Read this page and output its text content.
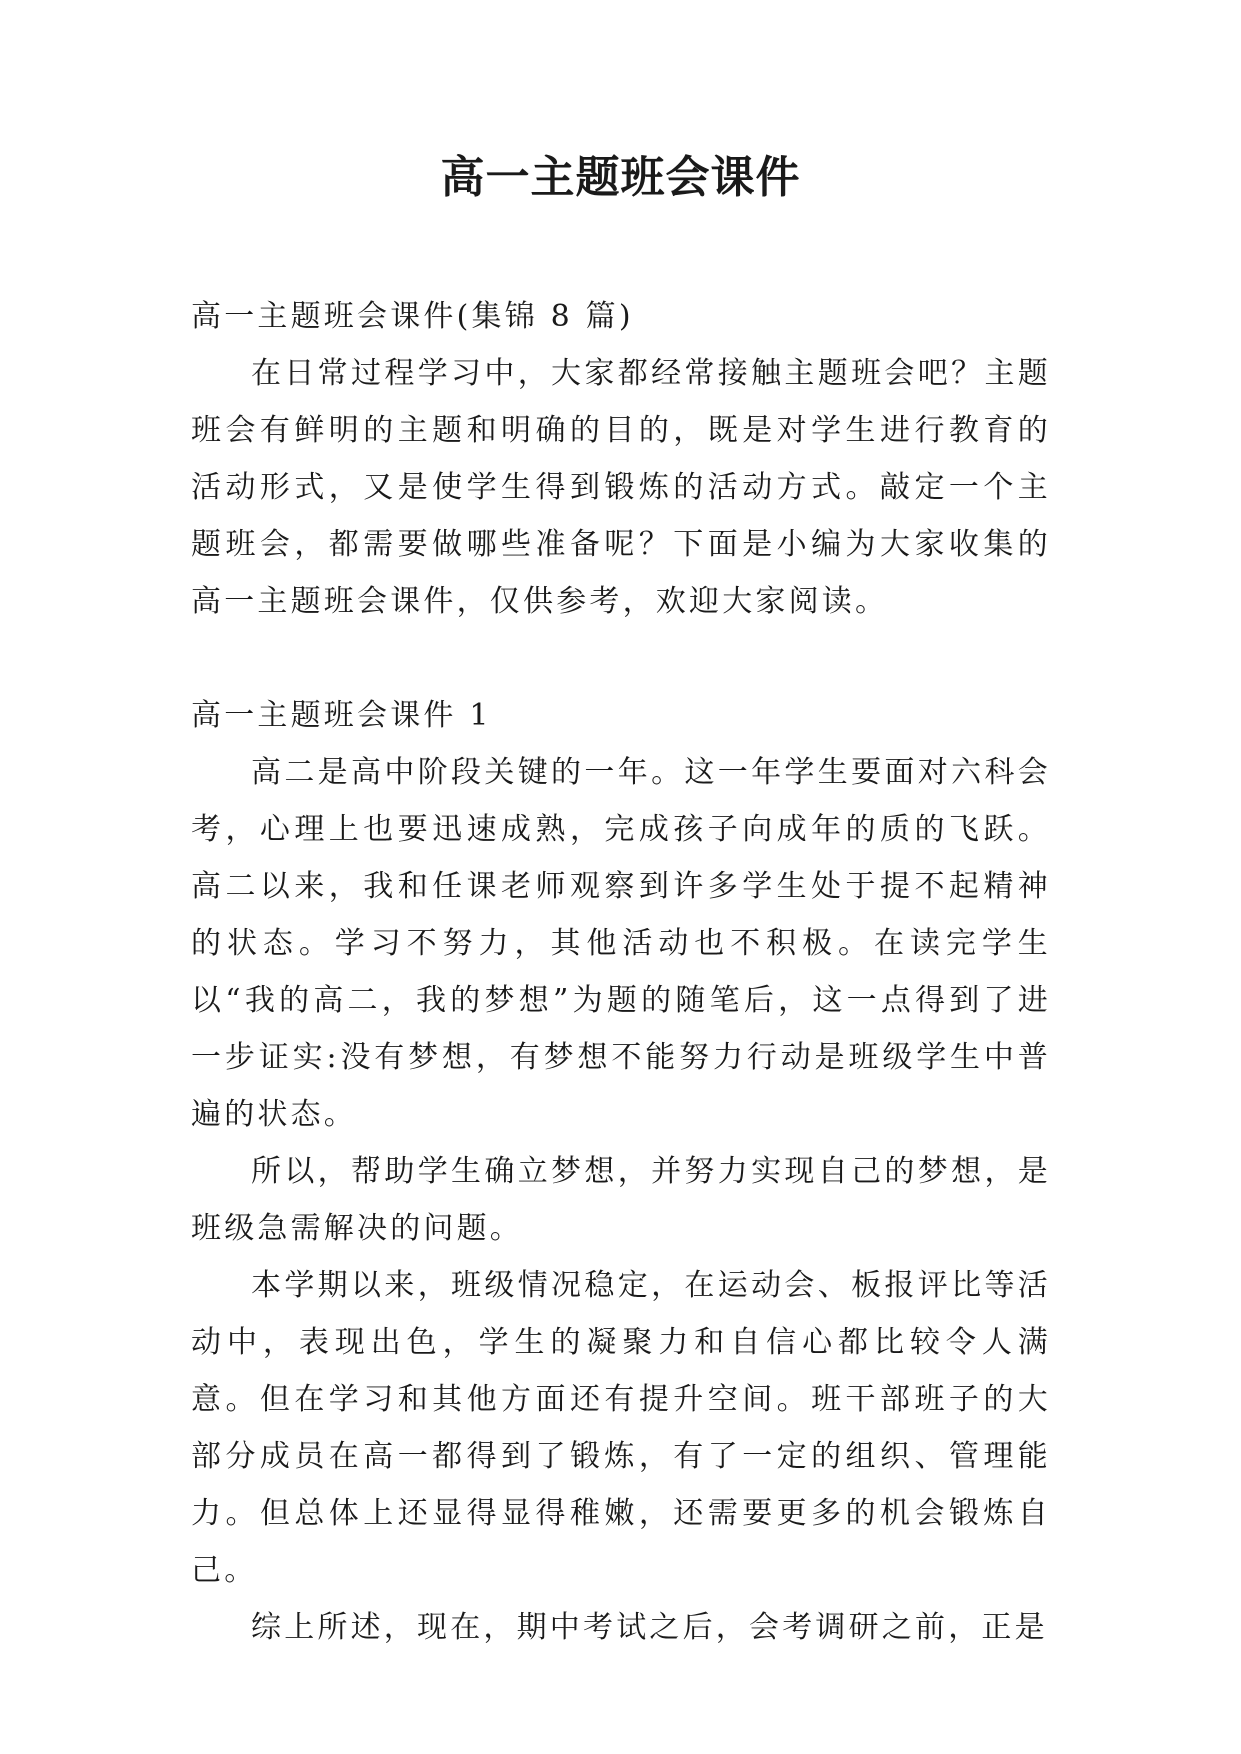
高一主题班会课件

高一主题班会课件(集锦 8 篇)

在日常过程学习中，大家都经常接触主题班会吧？主题班会有鲜明的主题和明确的目的，既是对学生进行教育的活动形式，又是使学生得到锻炼的活动方式。敲定一个主题班会，都需要做哪些准备呢？下面是小编为大家收集的高一主题班会课件，仅供参考，欢迎大家阅读。

高一主题班会课件 1

高二是高中阶段关键的一年。这一年学生要面对六科会考，心理上也要迅速成熟，完成孩子向成年的质的飞跃。高二以来，我和任课老师观察到许多学生处于提不起精神的状态。学习不努力，其他活动也不积极。在读完学生以“我的高二，我的梦想”为题的随笔后，这一点得到了进一步证实:没有梦想，有梦想不能努力行动是班级学生中普遍的状态。

所以，帮助学生确立梦想，并努力实现自己的梦想，是班级急需解决的问题。

本学期以来，班级情况稳定，在运动会、板报评比等活动中，表现出色，学生的凝聚力和自信心都比较令人满意。但在学习和其他方面还有提升空间。班干部班子的大部分成员在高一都得到了锻炼，有了一定的组织、管理能力。但总体上还显得显得稚嫩，还需要更多的机会锻炼自己。

综上所述，现在，期中考试之后，会考调研之前，正是
